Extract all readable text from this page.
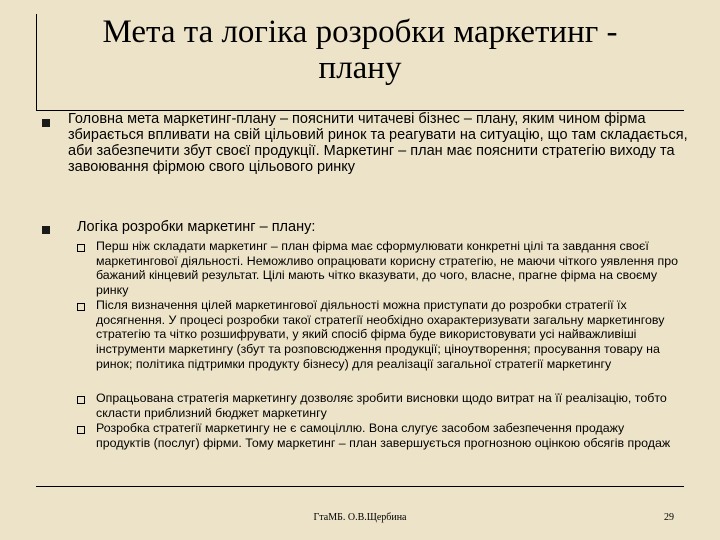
Мета та логіка розробки маркетинг - плану

Головна мета маркетинг-плану – пояснити читачеві бізнес – плану, яким чином фірма збирається впливати на свій цільовий ринок та реагувати на ситуацію, що там складається, аби забезпечити збут своєї продукції. Маркетинг – план має пояснити стратегію виходу та завоювання фірмою свого цільового ринку

Логіка розробки маркетинг – плану:

Перш ніж складати маркетинг – план фірма має сформулювати конкретні цілі та завдання своєї маркетингової діяльності. Неможливо опрацювати корисну стратегію, не маючи чіткого уявлення про бажаний кінцевий результат. Цілі мають чітко вказувати, до чого, власне, прагне фірма на своєму ринку

Після визначення цілей маркетингової діяльності можна приступати до розробки стратегії їх досягнення. У процесі розробки такої стратегії необхідно охарактеризувати загальну маркетингову стратегію та чітко розшифрувати, у який спосіб фірма буде використовувати усі найважливіші інструменти маркетингу (збут та розповсюдження продукції; ціноутворення; просування товару на ринок; політика підтримки продукту бізнесу) для реалізації загальної стратегії маркетингу

Опрацьована стратегія маркетингу дозволяє зробити висновки щодо витрат на її реалізацію, тобто скласти приблизний бюджет маркетингу

Розробка стратегії маркетингу не є самоціллю. Вона слугує засобом забезпечення продажу продуктів (послуг) фірми. Тому маркетинг – план завершується прогнозною оцінкою обсягів продаж

ГтаМБ. О.В.Щербина	29
